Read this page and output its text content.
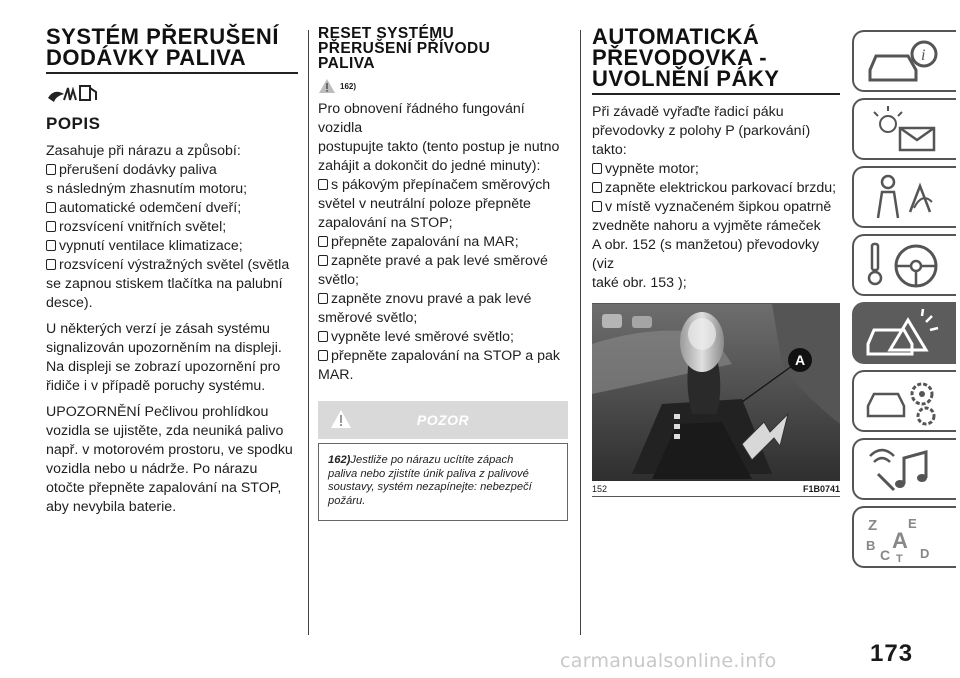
SYSTÉM PŘERUŠENÍ
DODÁVKY PALIVA
POPIS
Zasahuje při nárazu a způsobí:
přerušení dodávky paliva
s následným zhasnutím motoru;
automatické odemčení dveří;
rozsvícení vnitřních světel;
vypnutí ventilace klimatizace;
rozsvícení výstražných světel (světla
se zapnou stiskem tlačítka na palubní
desce).
U některých verzí je zásah systému
signalizován upozorněním na displeji.
Na displeji se zobrazí upozornění pro
řidiče i v případě poruchy systému.
UPOZORNĚNÍ Pečlivou prohlídkou
vozidla se ujistěte, zda neuniká palivo
např. v motorovém prostoru, ve spodku
vozidla nebo u nádrže. Po nárazu
otočte přepněte zapalování na STOP,
aby nevybila baterie.
RESET SYSTÉMU
PŘERUŠENÍ PŘÍVODU
PALIVA
162)
Pro obnovení řádného fungování vozidla
postupujte takto (tento postup je nutno
zahájit a dokončit do jedné minuty):
s pákovým přepínačem směrových
světel v neutrální poloze přepněte
zapalování na STOP;
přepněte zapalování na MAR;
zapněte pravé a pak levé směrové
světlo;
zapněte znovu pravé a pak levé
směrové světlo;
vypněte levé směrové světlo;
přepněte zapalování na STOP a pak
MAR.
POZOR
162)Jestliže po nárazu ucítíte zápach
paliva nebo zjistíte únik paliva z palivové
soustavy, systém nezapínejte: nebezpečí
požáru.
AUTOMATICKÁ
PŘEVODOVKA -
UVOLNĚNÍ PÁKY
Při závadě vyřaďte řadicí páku
převodovky z polohy P (parkování)
takto:
vypněte motor;
zapněte elektrickou parkovací brzdu;
v místě vyznačeném šipkou opatrně
zvedněte nahoru a vyjměte rámeček
A obr. 152 (s manžetou) převodovky (viz
také obr. 153 );
A
152	F1B0741
i
Z E
B A
C T D
carmanualsonline.info	173
